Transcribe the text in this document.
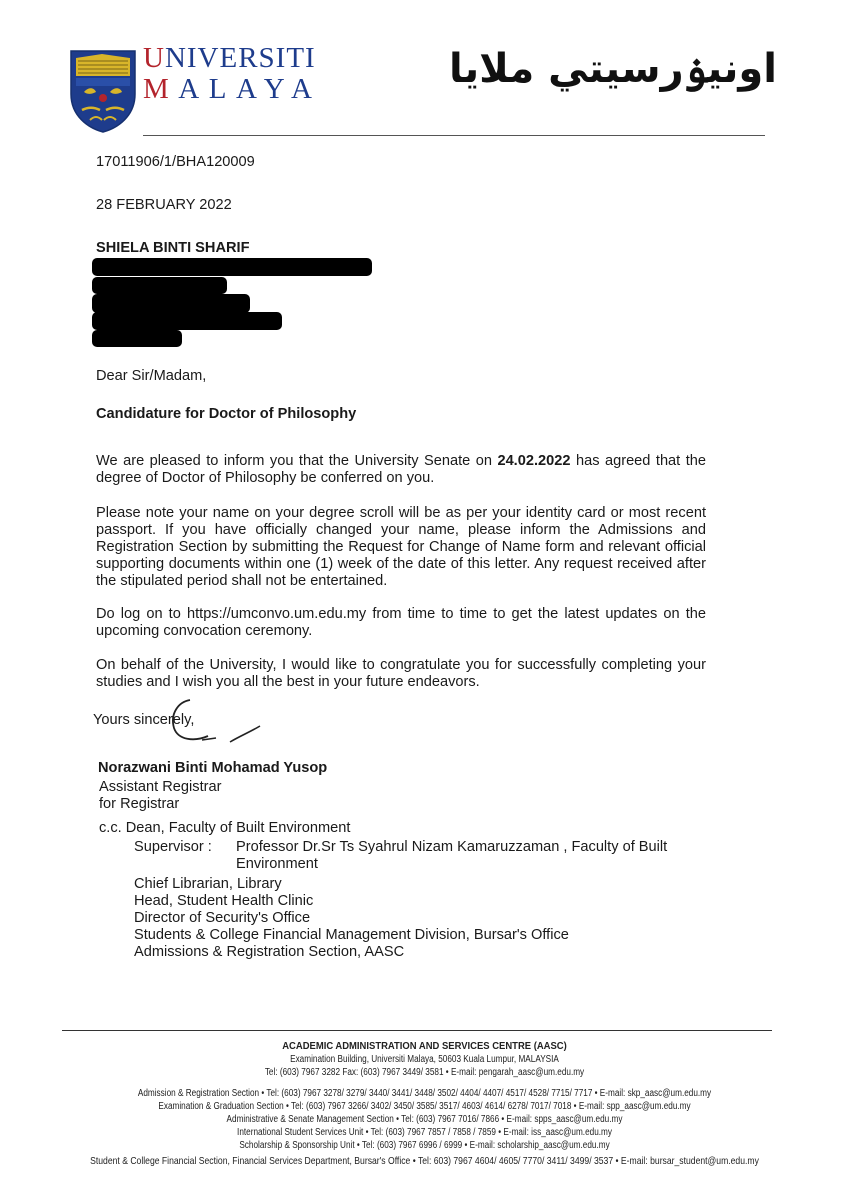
UNIVERSITI
MALAYA	اونيۏرسيتي ملايا
17011906/1/BHA120009
28 FEBRUARY 2022
SHIELA BINTI SHARIF
Dear Sir/Madam,
Candidature for Doctor of Philosophy
We are pleased to inform you that the University Senate on 24.02.2022 has agreed that the degree of Doctor of Philosophy be conferred on you.
Please note your name on your degree scroll will be as per your identity card or most recent passport. If you have officially changed your name, please inform the Admissions and Registration Section by submitting the Request for Change of Name form and relevant official supporting documents within one (1) week of the date of this letter. Any request received after the stipulated period shall not be entertained.
Do log on to https://umconvo.um.edu.my from time to time to get the latest updates on the upcoming convocation ceremony.
On behalf of the University, I would like to congratulate you for successfully completing your studies and I wish you all the best in your future endeavors.
Yours sincerely,
Norazwani Binti Mohamad Yusop
Assistant Registrar
for Registrar
c.c. Dean, Faculty of Built Environment
Supervisor : Professor Dr.Sr Ts Syahrul Nizam Kamaruzzaman , Faculty of Built Environment
Chief Librarian, Library
Head, Student Health Clinic
Director of Security's Office
Students & College Financial Management Division, Bursar's Office
Admissions & Registration Section, AASC
ACADEMIC ADMINISTRATION AND SERVICES CENTRE (AASC)
Examination Building, Universiti Malaya, 50603 Kuala Lumpur, MALAYSIA
Tel: (603) 7967 3282 Fax: (603) 7967 3449/ 3581 • E-mail: pengarah_aasc@um.edu.my
Admission & Registration Section • Tel: (603) 7967 3278/ 3279/ 3440/ 3441/ 3448/ 3502/ 4404/ 4407/ 4517/ 4528/ 7715/ 7717 • E-mail: skp_aasc@um.edu.my
Examination & Graduation Section • Tel: (603) 7967 3266/ 3402/ 3450/ 3585/ 3517/ 4603/ 4614/ 6278/ 7017/ 7018 • E-mail: spp_aasc@um.edu.my
Administrative & Senate Management Section • Tel: (603) 7967 7016/ 7866 • E-mail: spps_aasc@um.edu.my
International Student Services Unit • Tel: (603) 7967 7857 / 7858 / 7859 • E-mail: iss_aasc@um.edu.my
Scholarship & Sponsorship Unit • Tel: (603) 7967 6996 / 6999 • E-mail: scholarship_aasc@um.edu.my
Student & College Financial Section, Financial Services Department, Bursar's Office • Tel: 603) 7967 4604/ 4605/ 7770/ 3411/ 3499/ 3537 • E-mail: bursar_student@um.edu.my
